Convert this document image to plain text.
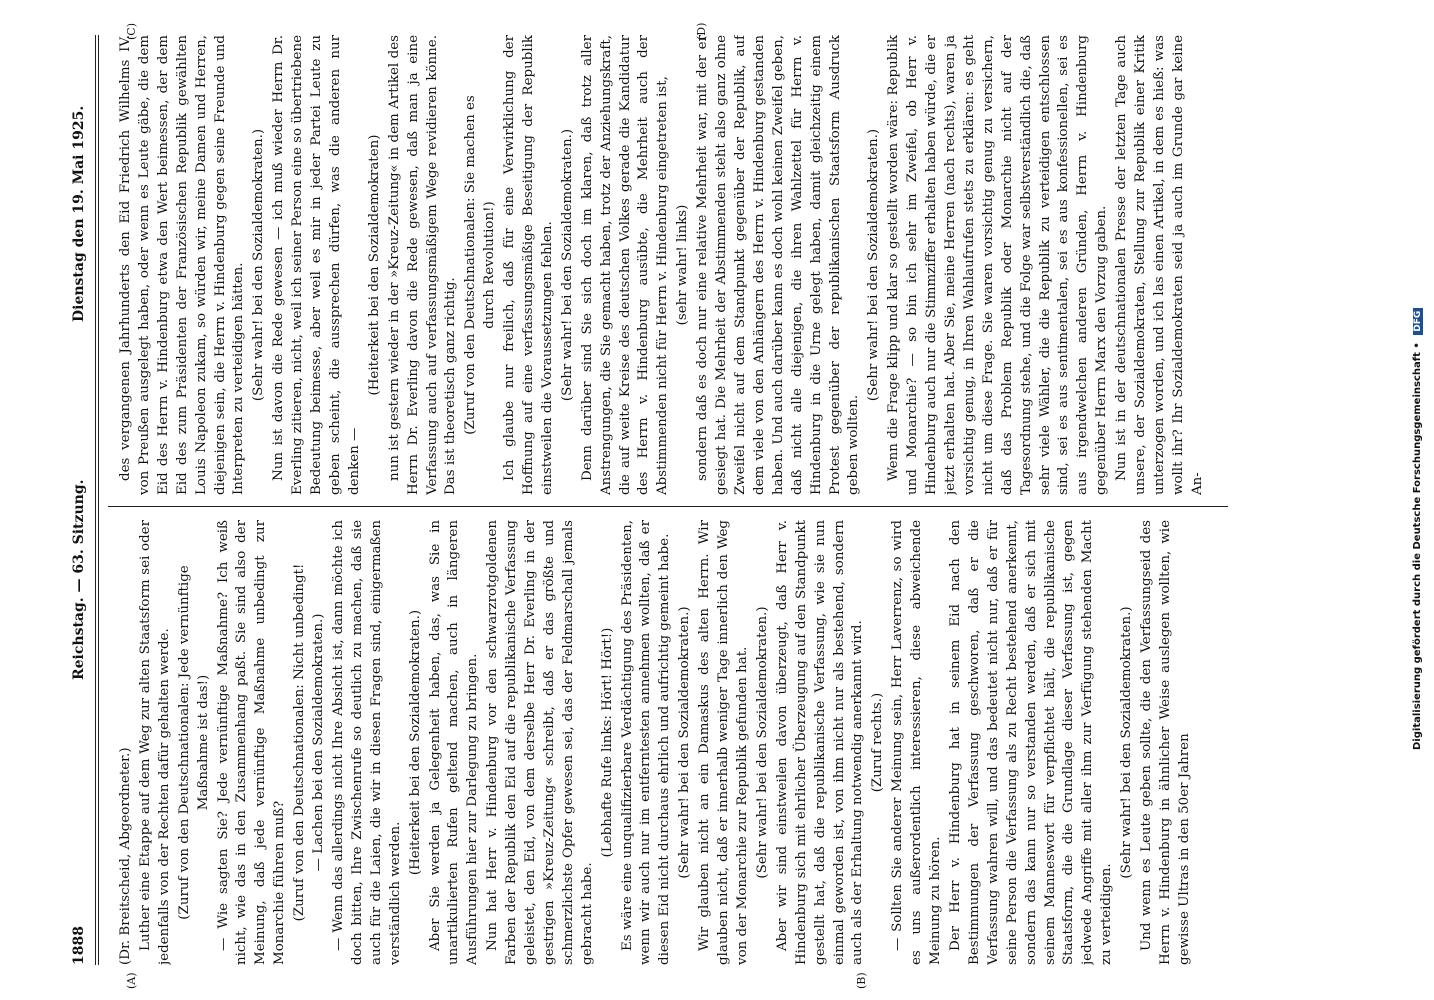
1888
Reichstag. — 63. Sitzung.
Dienstag den 19. Mai 1925.
(A)	(B)
(C)	(D)

(Dr. Breitscheid, Abgeordneter.) Luther eine Etappe auf dem Weg zur alten Staatsform sei oder jedenfalls von der Rechten dafür gehalten werde. (Zuruf von den Deutschnationalen: Jede vernünftige Maßnahme ist das!) — Wie sagten Sie? Jede vernünftige Maßnahme? Ich weiß nicht, wie das in den Zusammenhang paßt. Sie sind also der Meinung, daß jede vernünftige Maßnahme unbedingt zur Monarchie führen muß? (Zuruf von den Deutschnationalen: Nicht unbedingt! — Lachen bei den Sozialdemokraten.) — Wenn das allerdings nicht Ihre Absicht ist, dann möchte ich doch bitten, Ihre Zwischenrufe so deutlich zu machen, daß sie auch für die Laien, die wir in diesen Fragen sind, einigermaßen verständlich werden.

(Heiterkeit bei den Sozialdemokraten.) Aber Sie werden ja Gelegenheit haben, das, was Sie in unartikulierten Rufen geltend machen, auch in längeren Ausführungen hier zur Darlegung zu bringen. Nun hat Herr v. Hindenburg vor den schwarzrotgoldenen Farben der Republik den Eid auf die republikanische Verfassung geleistet, den Eid, von dem derselbe Herr Dr. Everling in der gestrigen »Kreuz-Zeitung« schreibt, daß er das größte und schmerzlichste Opfer gewesen sei, das der Feldmarschall jemals gebracht habe.

(Lebhafte Rufe links: Hört! Hört!) Es wäre eine unqualifizierbare Verdächtigung des Präsidenten, wenn wir auch nur im entferntesten annehmen wollten, daß er diesen Eid nicht durchaus ehrlich und aufrichtig gemeint habe. (Sehr wahr! bei den Sozialdemokraten.) Wir glauben nicht an ein Damaskus des alten Herrn. Wir glauben nicht, daß er innerhalb weniger Tage innerlich den Weg von der Monarchie zur Republik gefunden hat. (Sehr wahr! bei den Sozialdemokraten.) Aber wir sind einstweilen davon überzeugt, daß Herr v. Hindenburg sich mit ehrlicher Überzeugung auf den Standpunkt gestellt hat, daß die republikanische Verfassung, wie sie nun einmal geworden ist, von ihm nicht nur als bestehend, sondern auch als der Erhaltung notwendig anerkannt wird. (Zuruf rechts.) — Sollten Sie anderer Meinung sein, Herr Laverrenz, so wird es uns außerordentlich interessieren, diese abweichende Meinung zu hören. Der Herr v. Hindenburg hat in seinem Eid nach den Bestimmungen der Verfassung geschworen, daß er die Verfassung wahren will, und das bedeutet nicht nur, daß er für seine Person die Verfassung als zu Recht bestehend anerkennt, sondern das kann nur so verstanden werden, daß er sich mit seinem Manneswort für verpflichtet hält, die republikanische Staatsform, die die Grundlage dieser Verfassung ist, gegen jedwede Angriffe mit aller ihm zur Verfügung stehenden Macht zu verteidigen.

(Sehr wahr! bei den Sozialdemokraten.) Und wenn es Leute geben sollte, die den Verfassungseid des Herrn v. Hindenburg in ähnlicher Weise auslegen wollten, wie gewisse Ultras in den 50er Jahren

des vergangenen Jahrhunderts den Eid Friedrich Wilhelms IV. von Preußen ausgelegt haben, oder wenn es Leute gäbe, die dem Eid des Herrn v. Hindenburg etwa den Wert beimessen, der dem Eid des zum Präsidenten der Französischen Republik gewählten Louis Napoleon zukam, so würden wir, meine Damen und Herren, diejenigen sein, die Herrn v. Hindenburg gegen seine Freunde und Interpreten zu verteidigen hätten. (Sehr wahr! bei den Sozialdemokraten.) Nun ist davon die Rede gewesen — ich muß wieder Herrn Dr. Everling zitieren, nicht, weil ich seiner Person eine so übertriebene Bedeutung beimesse, aber weil es mir in jeder Partei Leute zu geben scheint, die aussprechen dürfen, was die anderen nur denken —

(Heiterkeit bei den Sozialdemokraten) nun ist gestern wieder in der »Kreuz-Zeitung« in dem Artikel des Herrn Dr. Everling davon die Rede gewesen, daß man ja eine Verfassung auch auf verfassungsmäßigem Wege revidieren könne. Das ist theoretisch ganz richtig. (Zuruf von den Deutschnationalen: Sie machen es durch Revolution!) Ich glaube nur freilich, daß für eine Verwirklichung der Hoffnung auf eine verfassungsmäßige Beseitigung der Republik einstweilen die Voraussetzungen fehlen. (Sehr wahr! bei den Sozialdemokraten.) Denn darüber sind Sie sich doch im klaren, daß trotz aller Anstrengungen, die Sie gemacht haben, trotz der Anziehungskraft, die auf weite Kreise des deutschen Volkes gerade die Kandidatur des Herrn v. Hindenburg ausübte, die Mehrheit auch der Abstimmenden nicht für Herrn v. Hindenburg eingetreten ist, (sehr wahr! links) sondern daß es doch nur eine relative Mehrheit war, mit der er gesiegt hat. Die Mehrheit der Abstimmenden steht also ganz ohne Zweifel nicht auf dem Standpunkt gegenüber der Republik, auf dem viele von den Anhängern des Herrn v. Hindenburg gestanden haben. Und auch darüber kann es doch wohl keinen Zweifel geben, daß nicht alle diejenigen, die ihren Wahlzettel für Herrn v. Hindenburg in die Urne gelegt haben, damit gleichzeitig einem Protest gegenüber der republikanischen Staatsform Ausdruck geben wollten.

(Sehr wahr! bei den Sozialdemokraten.) Wenn die Frage klipp und klar so gestellt worden wäre: Republik und Monarchie? — so bin ich sehr im Zweifel, ob Herr v. Hindenburg auch nur die Stimmziffer erhalten haben würde, die er jetzt erhalten hat. Aber Sie, meine Herren (nach rechts), waren ja vorsichtig genug, in Ihren Wahlaufrufen stets zu erklären: es geht nicht um diese Frage. Sie waren vorsichtig genug zu versichern, daß das Problem Republik oder Monarchie nicht auf der Tagesordnung stehe, und die Folge war selbstverständlich die, daß sehr viele Wähler, die die Republik zu verteidigen entschlossen sind, sei es aus sentimentalen, sei es aus konfessionellen, sei es aus irgendwelchen anderen Gründen, Herrn v. Hindenburg gegenüber Herrn Marx den Vorzug gaben. Nun ist in der deutschnationalen Presse der letzten Tage auch unsere, der Sozialdemokraten, Stellung zur Republik einer Kritik unterzogen worden, und ich las einen Artikel, in dem es hieß: was wollt ihr? Ihr Sozialdemokraten seid ja auch im Grunde gar keine An-	Digitalisierung gefördert durch die Deutsche Forschungsgemeinschaft • DFG
